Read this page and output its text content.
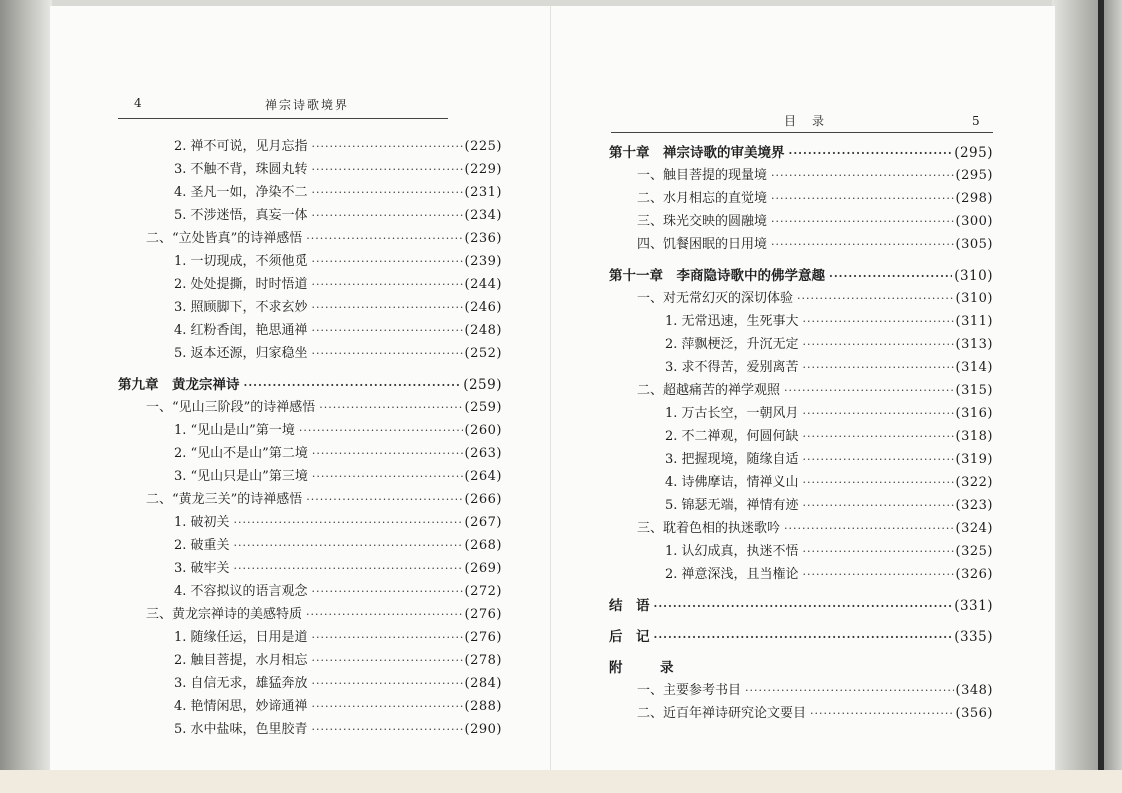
4	禅宗诗歌境界
2. 禅不可说，见月忘指 ·····	(225)
3. 不触不背，珠圆丸转 ·····	(229)
4. 圣凡一如，净染不二 ·····	(231)
5. 不涉迷悟，真妄一体 ·····	(234)
二、“立处皆真”的诗禅感悟 ·····	(236)
1. 一切现成，不须他觅 ·····	(239)
2. 处处提撕，时时悟道 ·····	(244)
3. 照顾脚下，不求玄妙 ·····	(246)
4. 红粉香闺，艳思通禅 ·····	(248)
5. 返本还源，归家稳坐 ·····	(252)
第九章　黄龙宗禅诗 ·····	(259)
一、“见山三阶段”的诗禅感悟 ·····	(259)
1. “见山是山”第一境 ·····	(260)
2. “见山不是山”第二境 ·····	(263)
3. “见山只是山”第三境 ·····	(264)
二、“黄龙三关”的诗禅感悟 ·····	(266)
1. 破初关 ·····	(267)
2. 破重关 ·····	(268)
3. 破牢关 ·····	(269)
4. 不容拟议的语言观念 ·····	(272)
三、黄龙宗禅诗的美感特质 ·····	(276)
1. 随缘任运，日用是道 ·····	(276)
2. 触目菩提，水月相忘 ·····	(278)
3. 自信无求，雄猛奔放 ·····	(284)
4. 艳情闲思，妙谛通禅 ·····	(288)
5. 水中盐味，色里胶青 ·····	(290)
目　录	5
第十章　禅宗诗歌的审美境界 ·····	(295)
一、触目菩提的现量境 ·····	(295)
二、水月相忘的直觉境 ·····	(298)
三、珠光交映的圆融境 ·····	(300)
四、饥餐困眠的日用境 ·····	(305)
第十一章　李商隐诗歌中的佛学意趣 ·····	(310)
一、对无常幻灭的深切体验 ·····	(310)
1. 无常迅速，生死事大 ·····	(311)
2. 萍飘梗泛，升沉无定 ·····	(313)
3. 求不得苦，爱别离苦 ·····	(314)
二、超越痛苦的禅学观照 ·····	(315)
1. 万古长空，一朝风月 ·····	(316)
2. 不二禅观，何圆何缺 ·····	(318)
3. 把握现境，随缘自适 ·····	(319)
4. 诗佛摩诘，情禅义山 ·····	(322)
5. 锦瑟无端，禅情有迹 ·····	(323)
三、耽着色相的执迷歌吟 ·····	(324)
1. 认幻成真，执迷不悟 ·····	(325)
2. 禅意深浅，且当権论 ·····	(326)
结　语 ·····	(331)
后　记 ·····	(335)
附　录
一、主要参考书目 ·····	(348)
二、近百年禅诗研究论文要目 ·····	(356)
